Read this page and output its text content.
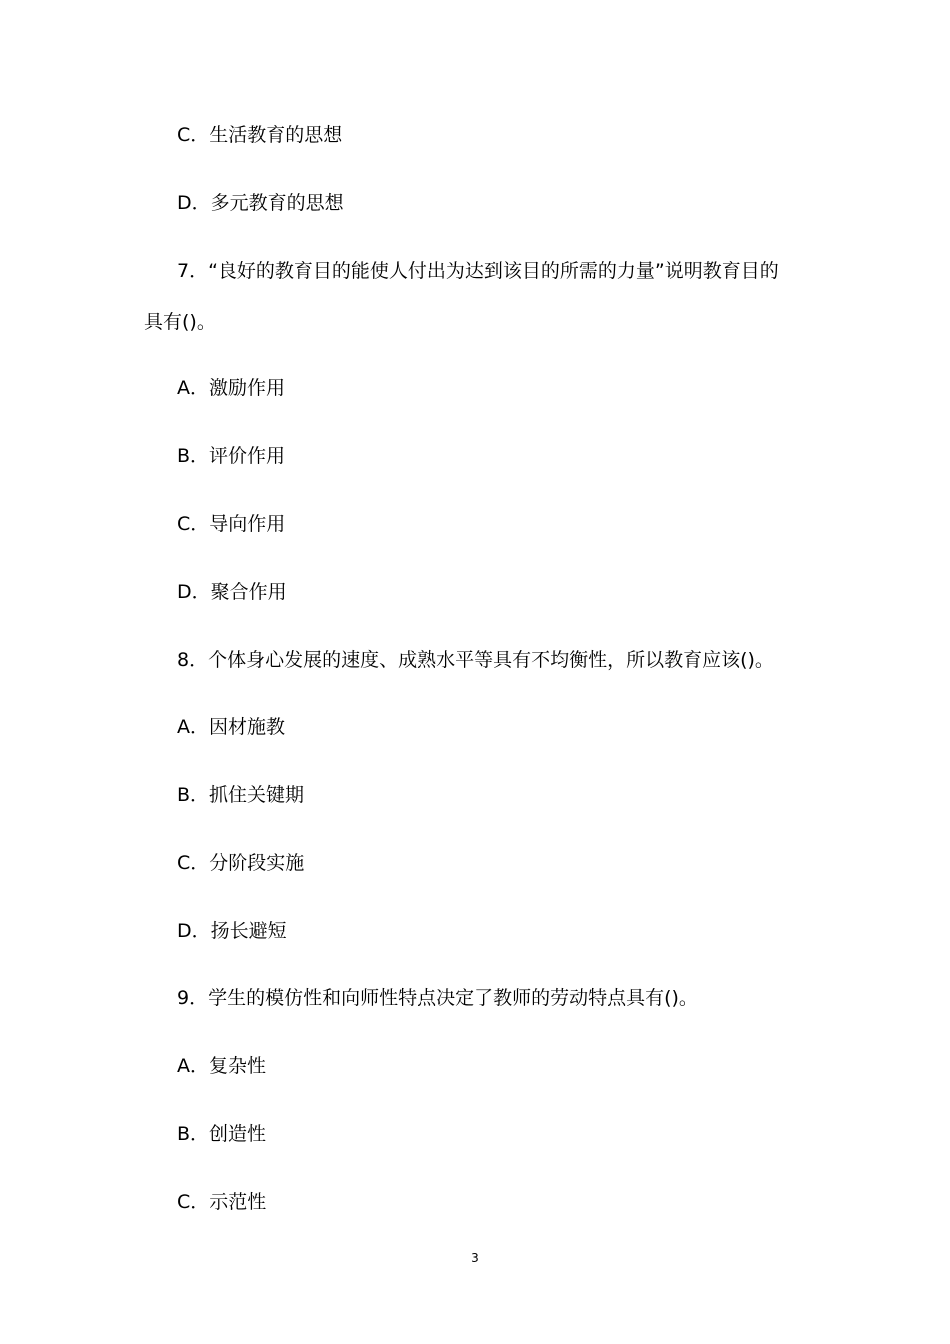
C．生活教育的思想
D．多元教育的思想
7．“良好的教育目的能使人付出为达到该目的所需的力量”说明教育目的
具有()。
A．激励作用
B．评价作用
C．导向作用
D．聚合作用
8．个体身心发展的速度、成熟水平等具有不均衡性，所以教育应该()。
A．因材施教
B．抓住关键期
C．分阶段实施
D．扬长避短
9．学生的模仿性和向师性特点决定了教师的劳动特点具有()。
A．复杂性
B．创造性
C．示范性
3
